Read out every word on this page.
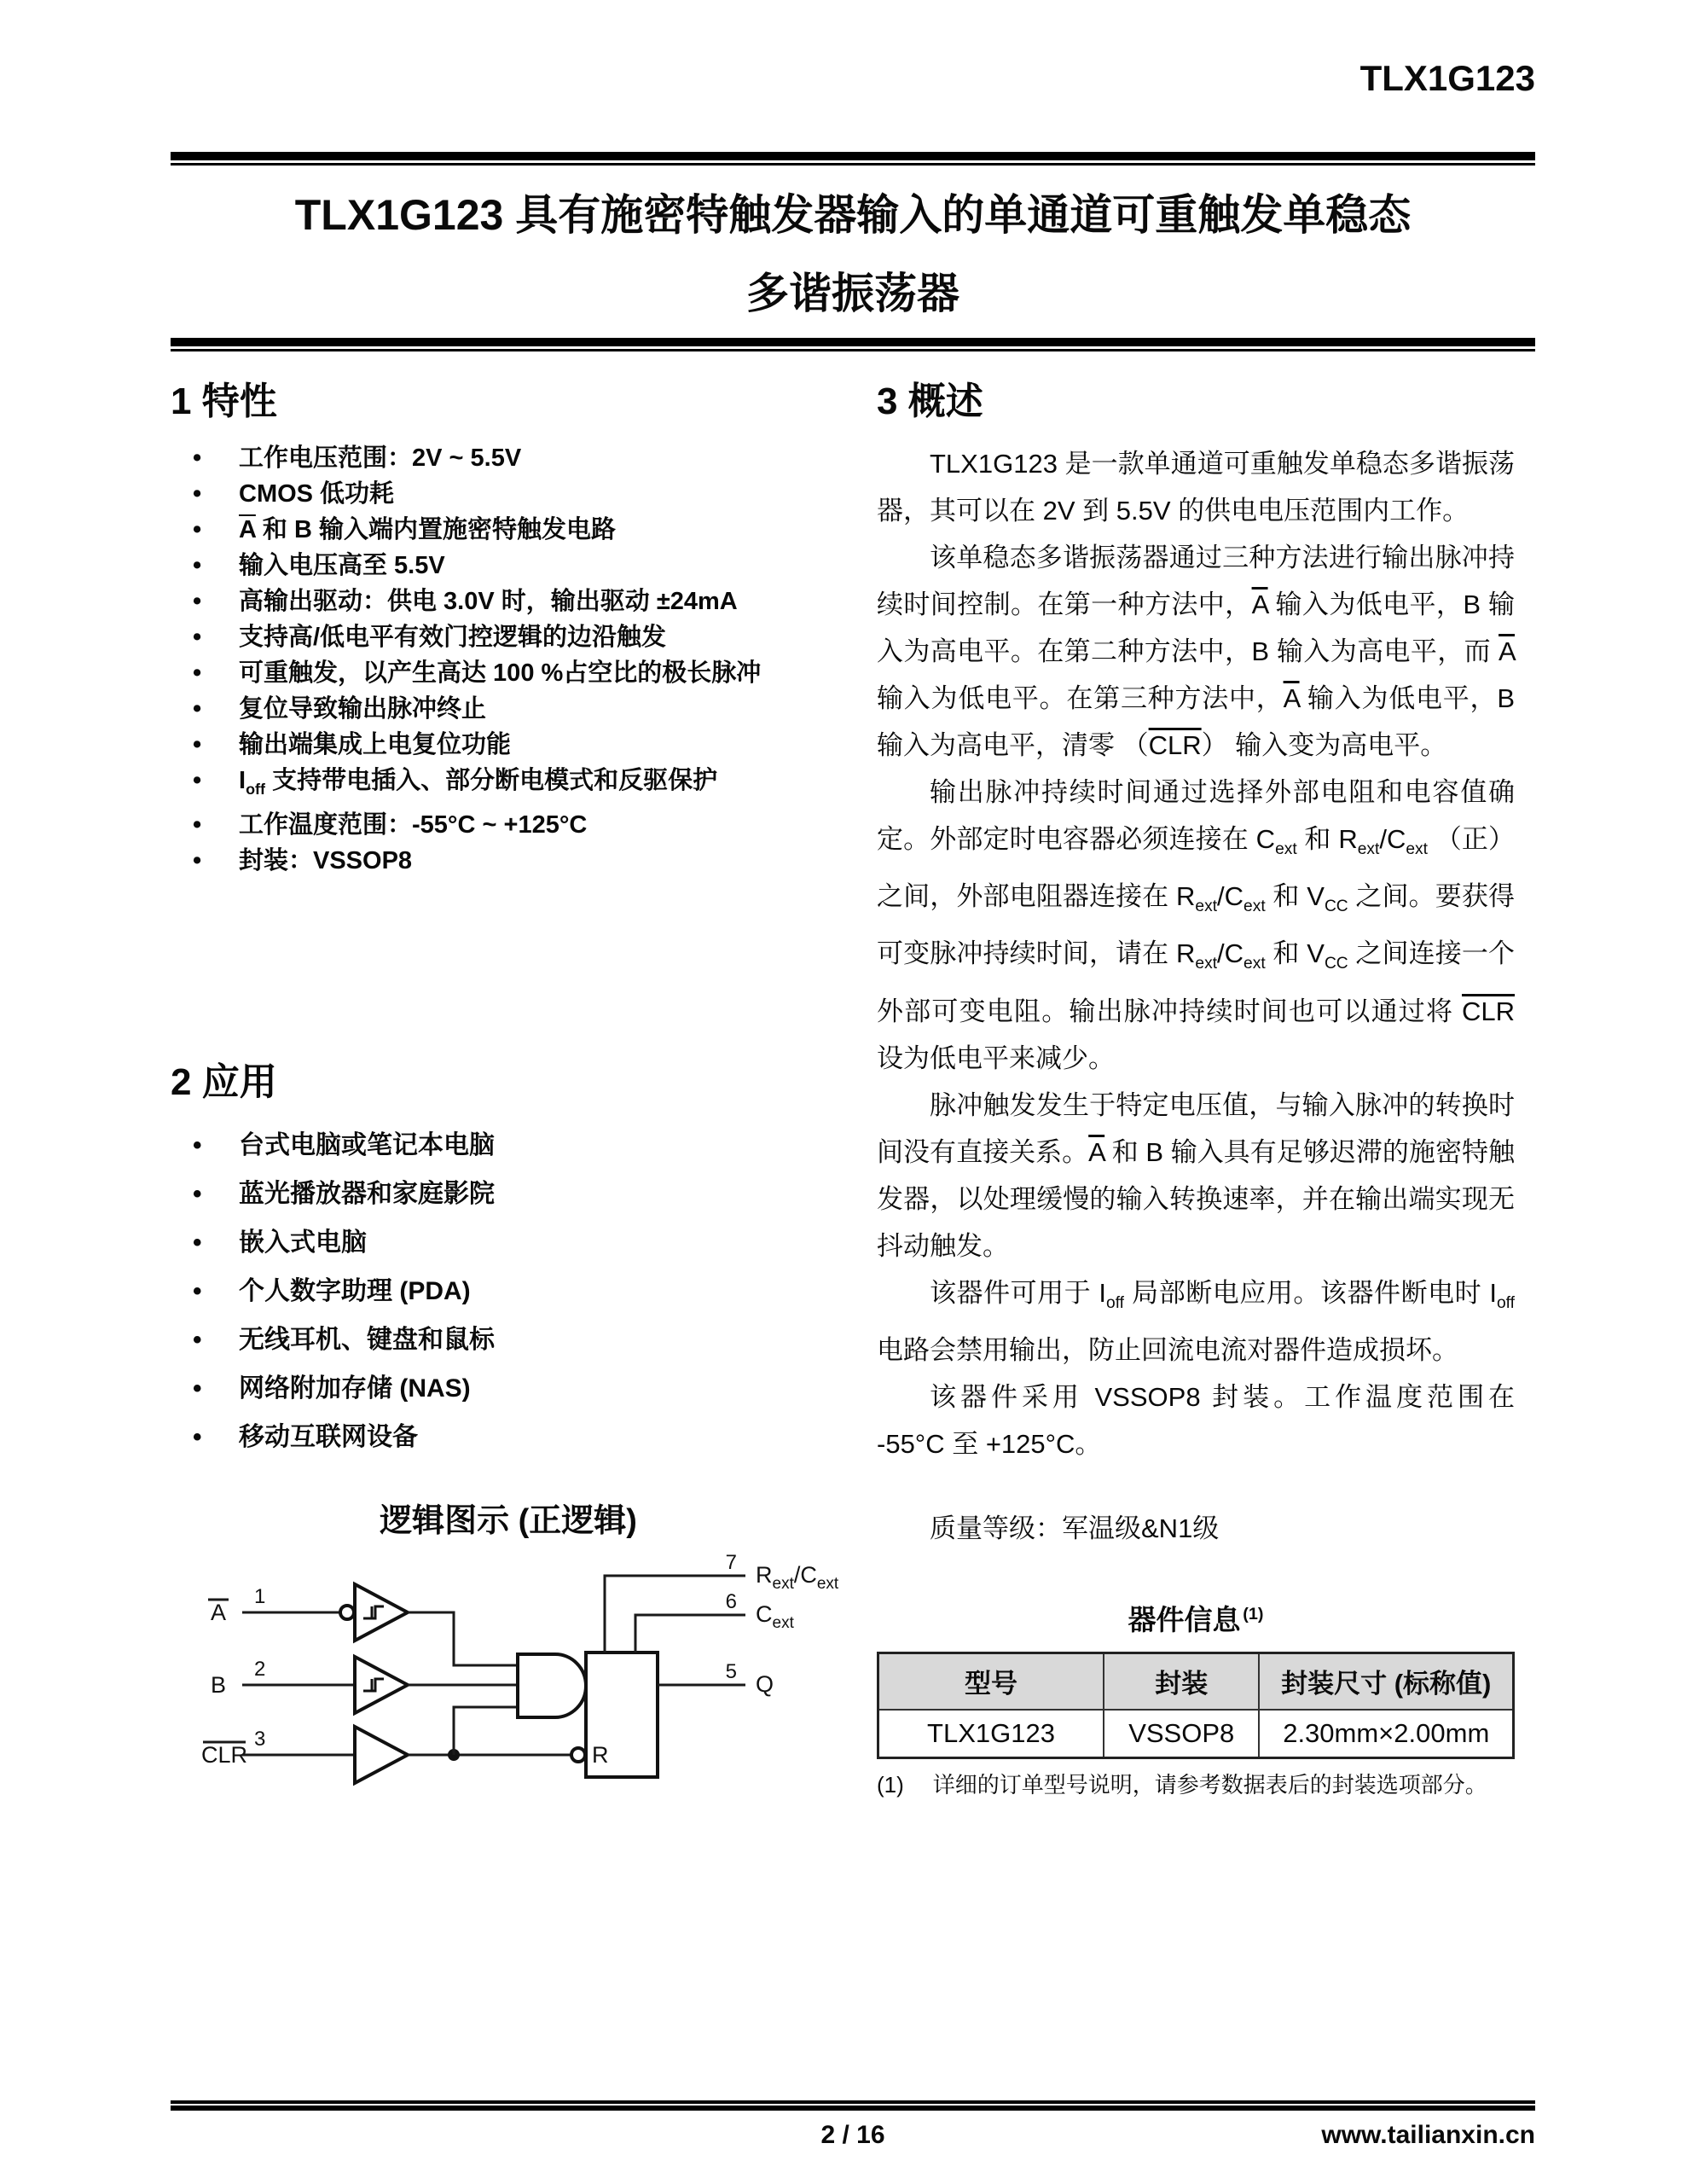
TLX1G123
TLX1G123 具有施密特触发器输入的单通道可重触发单稳态
多谐振荡器
1 特性
• 工作电压范围：2V ~ 5.5V
• CMOS 低功耗
• $\overline{A}$ 和 B 输入端内置施密特触发电路
• 输入电压高至 5.5V
• 高输出驱动：供电 3.0V 时，输出驱动 ±24mA
• 支持高/低电平有效门控逻辑的边沿触发
• 可重触发，以产生高达 100 %占空比的极长脉冲
• 复位导致输出脉冲终止
• 输出端集成上电复位功能
• $I_{off}$ 支持带电插入、部分断电模式和反驱保护
• 工作温度范围：-55°C ~ +125°C
• 封装：VSSOP8
2 应用
• 台式电脑或笔记本电脑
• 蓝光播放器和家庭影院
• 嵌入式电脑
• 个人数字助理 (PDA)
• 无线耳机、键盘和鼠标
• 网络附加存储 (NAS)
• 移动互联网设备
逻辑图示 (正逻辑)
A
1
B
2
CLR
3
R
7 $R_{ext}/C_{ext}$
6 $C_{ext}$
5 Q
3 概述

TLX1G123 是一款单通道可重触发单稳态多谐振荡器，其可以在 2V 到 5.5V 的供电电压范围内工作。

该单稳态多谐振荡器通过三种方法进行输出脉冲持续时间控制。在第一种方法中，$\overline{A}$ 输入为低电平，B 输入为高电平。在第二种方法中，B 输入为高电平，而 $\overline{A}$ 输入为低电平。在第三种方法中，$\overline{A}$ 输入为低电平，B 输入为高电平，清零 $(\overline{CLR})$ 输入变为高电平。

输出脉冲持续时间通过选择外部电阻和电容值确定。外部定时电容器必须连接在 $C_{ext}$ 和 $R_{ext}/C_{ext}$ （正） 之间，外部电阻器连接在 $R_{ext}/C_{ext}$ 和 $V_{CC}$ 之间。要获得可变脉冲持续时间，请在 $R_{ext}/C_{ext}$ 和 $V_{CC}$ 之间连接一个外部可变电阻。输出脉冲持续时间也可以通过将 $\overline{CLR}$ 设为低电平来减少。

脉冲触发发生于特定电压值，与输入脉冲的转换时间没有直接关系。$\overline{A}$ 和 B 输入具有足够迟滞的施密特触发器，以处理缓慢的输入转换速率，并在输出端实现无抖动触发。

该器件可用于 $I_{off}$ 局部断电应用。该器件断电时 $I_{off}$ 电路会禁用输出，防止回流电流对器件造成损坏。

该器件采用 VSSOP8 封装。工作温度范围在 -55°C 至 +125°C。

质量等级：军温级&N1级
器件信息  $^{(1)}$
型号	封装	封装尺寸 (标称值)
TLX1G123	VSSOP8	2.30mm×2.00mm
(1) 详细的订单型号说明，请参考数据表后的封装选项部分。
2 / 16	www.tailianxin.cn
